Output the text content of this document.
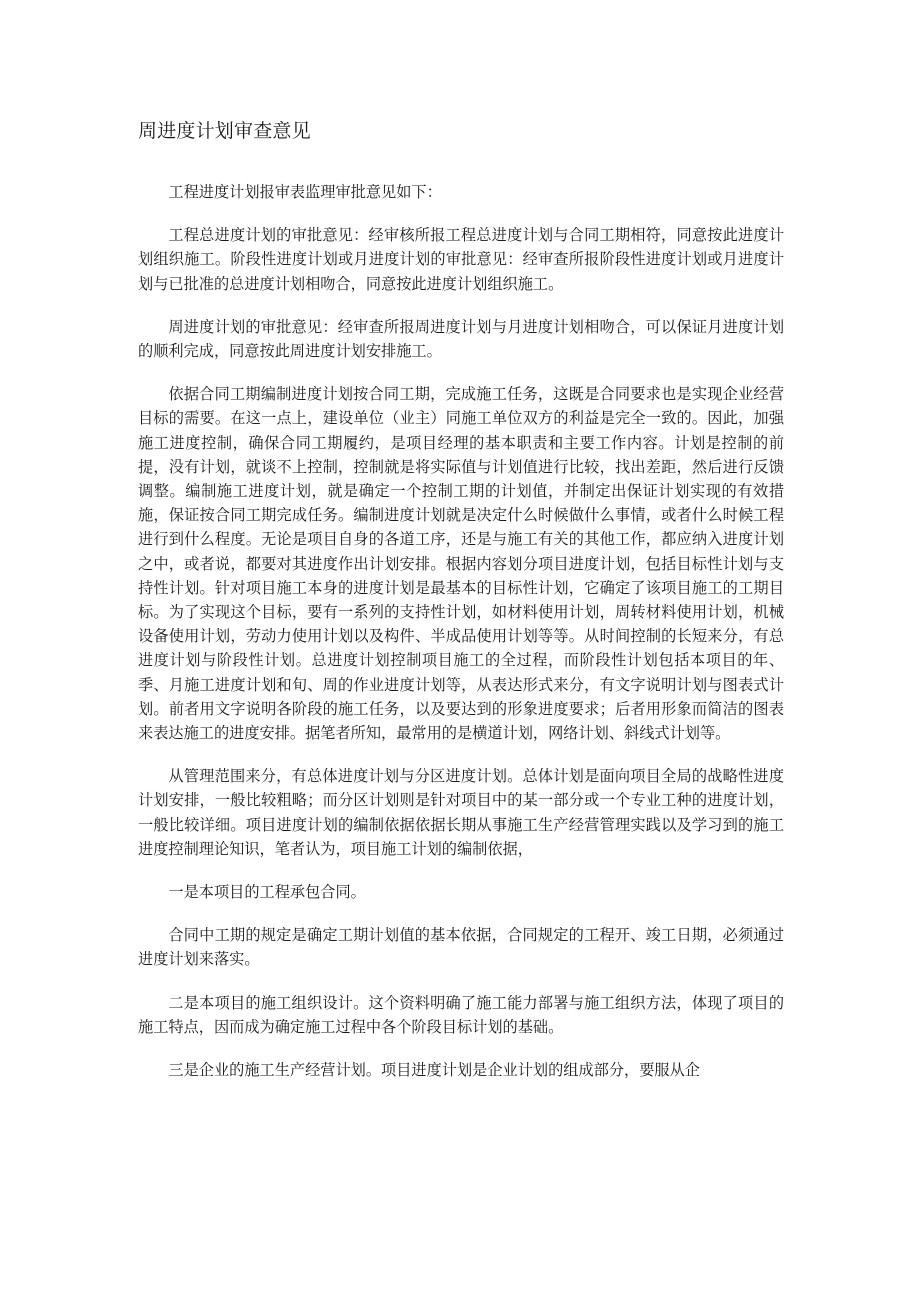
周进度计划审查意见

工程进度计划报审表监理审批意见如下：

工程总进度计划的审批意见：经审核所报工程总进度计划与合同工期相符，同意按此进度计划组织施工。阶段性进度计划或月进度计划的审批意见：经审查所报阶段性进度计划或月进度计划与已批准的总进度计划相吻合，同意按此进度计划组织施工。

周进度计划的审批意见：经审查所报周进度计划与月进度计划相吻合，可以保证月进度计划的顺利完成，同意按此周进度计划安排施工。

依据合同工期编制进度计划按合同工期，完成施工任务，这既是合同要求也是实现企业经营目标的需要。在这一点上，建设单位（业主）同施工单位双方的利益是完全一致的。因此，加强施工进度控制，确保合同工期履约，是项目经理的基本职责和主要工作内容。计划是控制的前提，没有计划，就谈不上控制，控制就是将实际值与计划值进行比较，找出差距，然后进行反馈调整。编制施工进度计划，就是确定一个控制工期的计划值，并制定出保证计划实现的有效措施，保证按合同工期完成任务。编制进度计划就是决定什么时候做什么事情，或者什么时候工程进行到什么程度。无论是项目自身的各道工序，还是与施工有关的其他工作，都应纳入进度计划之中，或者说，都要对其进度作出计划安排。根据内容划分项目进度计划，包括目标性计划与支持性计划。针对项目施工本身的进度计划是最基本的目标性计划，它确定了该项目施工的工期目标。为了实现这个目标，要有一系列的支持性计划，如材料使用计划，周转材料使用计划，机械设备使用计划，劳动力使用计划以及构件、半成品使用计划等等。从时间控制的长短来分，有总进度计划与阶段性计划。总进度计划控制项目施工的全过程，而阶段性计划包括本项目的年、季、月施工进度计划和旬、周的作业进度计划等，从表达形式来分，有文字说明计划与图表式计划。前者用文字说明各阶段的施工任务，以及要达到的形象进度要求；后者用形象而简洁的图表来表达施工的进度安排。据笔者所知，最常用的是横道计划，网络计划、斜线式计划等。

从管理范围来分，有总体进度计划与分区进度计划。总体计划是面向项目全局的战略性进度计划安排，一般比较粗略；而分区计划则是针对项目中的某一部分或一个专业工种的进度计划，一般比较详细。项目进度计划的编制依据依据长期从事施工生产经营管理实践以及学习到的施工进度控制理论知识，笔者认为，项目施工计划的编制依据，

一是本项目的工程承包合同。

合同中工期的规定是确定工期计划值的基本依据，合同规定的工程开、竣工日期，必须通过进度计划来落实。

二是本项目的施工组织设计。这个资料明确了施工能力部署与施工组织方法，体现了项目的施工特点，因而成为确定施工过程中各个阶段目标计划的基础。

三是企业的施工生产经营计划。项目进度计划是企业计划的组成部分，要服从企
